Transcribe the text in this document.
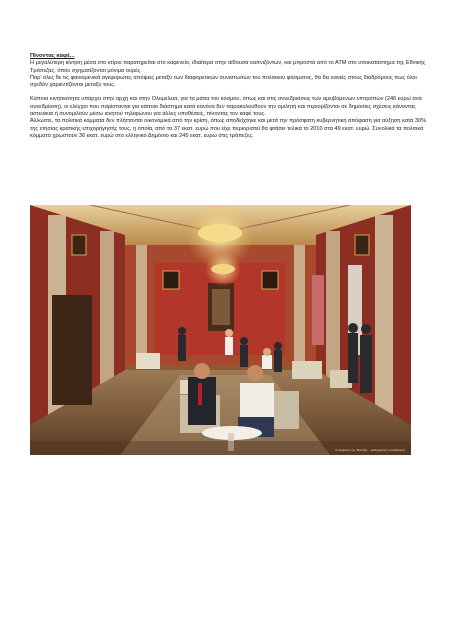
Πίνοντας καφέ...

Η μεγαλύτερη κίνηση μέσα στο κτίριο παρατηρείται στο καφενείο, ιδιαίτερα στην αίθουσα καπνιζόντων, και μπροστά από το ΑΤΜ στο υποκατάστημα της Εθνικής Τράπεζας, όπου σχηματίζονται μόνιμα ουρές.

Παρ' όλες δε τις φαινομενικά αγεφύρωτες απόψεις μεταξύ των διαφορετικών συνιστωσών του πολιτικού φάσματος, θα δει κανείς στους διαδρόμους πως όλοι σχεδόν χαριεντίζονται μεταξύ τους.

Κάποια κινητικότητα υπάρχει στην αρχή και στην Ολομέλεια, για τα μάτια του κόσμου, όπως και στις συνεδριάσεις των αμειβόμενων επιτροπών (246 ευρώ ανά συνεδρίαση), οι ελέγχοι που παρίστανται για κάποιο διάστημα κατά κανόνα δεν παρακολουθούν την ομιλητή και περιορίζονται σε δημόσιες σχέσεις κάνοντας αστειάκια ή συνομιλούν μέσω κινητού τηλεφώνου για άλλες υποθέσεις, πίνοντας τον καφέ τους.

Άλλωστε, τα πολιτικά κόμματα δεν πλήττονται οικονομικά από την κρίση, όπως αποδείχτηκε και μετά την πρόσφατη κυβερνητική απόφαση για αύξηση κατά 30% της ετήσιας κρατικής επιχορήγησής τους, η οποία, από τα 37 εκατ. ευρώ που είχε περιοριστεί θα φτάσει τελικά το 2010 στα 49 εκατ. ευρώ. Συνολικά τα πολιτικά κόμματα χρωστούν 36 εκατ. ευρώ στο ελληνικό Δημόσιο και 245 εκατ. ευρώ στις τράπεζες.

Ο καφενές της Βουλής... καθημερινή συνάθροιση
